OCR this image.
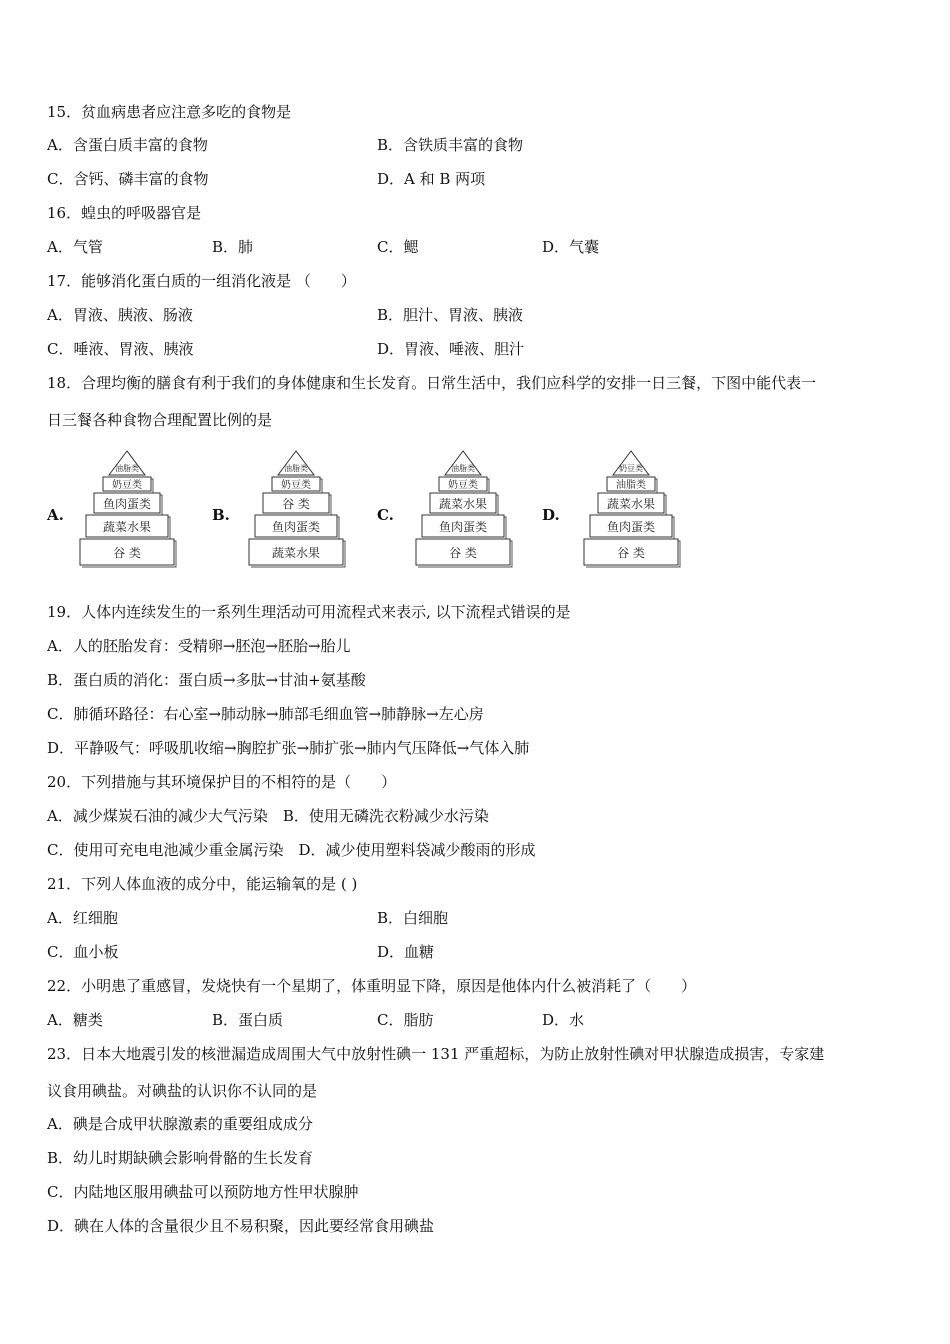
15．贫血病患者应注意多吃的食物是
A．含蛋白质丰富的食物	B．含铁质丰富的食物
C．含钙、磷丰富的食物	D．A 和 B 两项
16．蝗虫的呼吸器官是
A．气管	B．肺	C．鳃	D．气囊
17．能够消化蛋白质的一组消化液是 （　　）
A．胃液、胰液、肠液	B．胆汁、胃液、胰液
C．唾液、胃液、胰液	D．胃液、唾液、胆汁
18．合理均衡的膳食有利于我们的身体健康和生长发育。日常生活中，我们应科学的安排一日三餐，下图中能代表一
日三餐各种食物合理配置比例的是
A.	B.	C.	D.
油脂类
奶豆类
鱼肉蛋类
蔬菜水果
谷 类
油脂类
奶豆类
谷 类
鱼肉蛋类
蔬菜水果
油脂类
奶豆类
蔬菜水果
鱼肉蛋类
谷 类
奶豆类
油脂类
蔬菜水果
鱼肉蛋类
谷 类
19．人体内连续发生的一系列生理活动可用流程式来表示, 以下流程式错误的是
A．人的胚胎发育：受精卵→胚泡→胚胎→胎儿
B．蛋白质的消化：蛋白质→多肽→甘油+氨基酸
C．肺循环路径：右心室→肺动脉→肺部毛细血管→肺静脉→左心房
D．平静吸气：呼吸肌收缩→胸腔扩张→肺扩张→肺内气压降低→气体入肺
20．下列措施与其环境保护目的不相符的是（　　）
A．减少煤炭石油的减少大气污染　B．使用无磷洗衣粉减少水污染
C．使用可充电电池减少重金属污染　D．减少使用塑料袋减少酸雨的形成
21．下列人体血液的成分中，能运输氧的是 ( )
A．红细胞	B．白细胞
C．血小板	D．血糖
22．小明患了重感冒，发烧快有一个星期了，体重明显下降，原因是他体内什么被消耗了（　　）
A．糖类	B．蛋白质	C．脂肪	D．水
23．日本大地震引发的核泄漏造成周围大气中放射性碘一 131 严重超标，为防止放射性碘对甲状腺造成损害，专家建
议食用碘盐。对碘盐的认识你不认同的是
A．碘是合成甲状腺激素的重要组成成分
B．幼儿时期缺碘会影响骨骼的生长发育
C．内陆地区服用碘盐可以预防地方性甲状腺肿
D．碘在人体的含量很少且不易积聚，因此要经常食用碘盐
